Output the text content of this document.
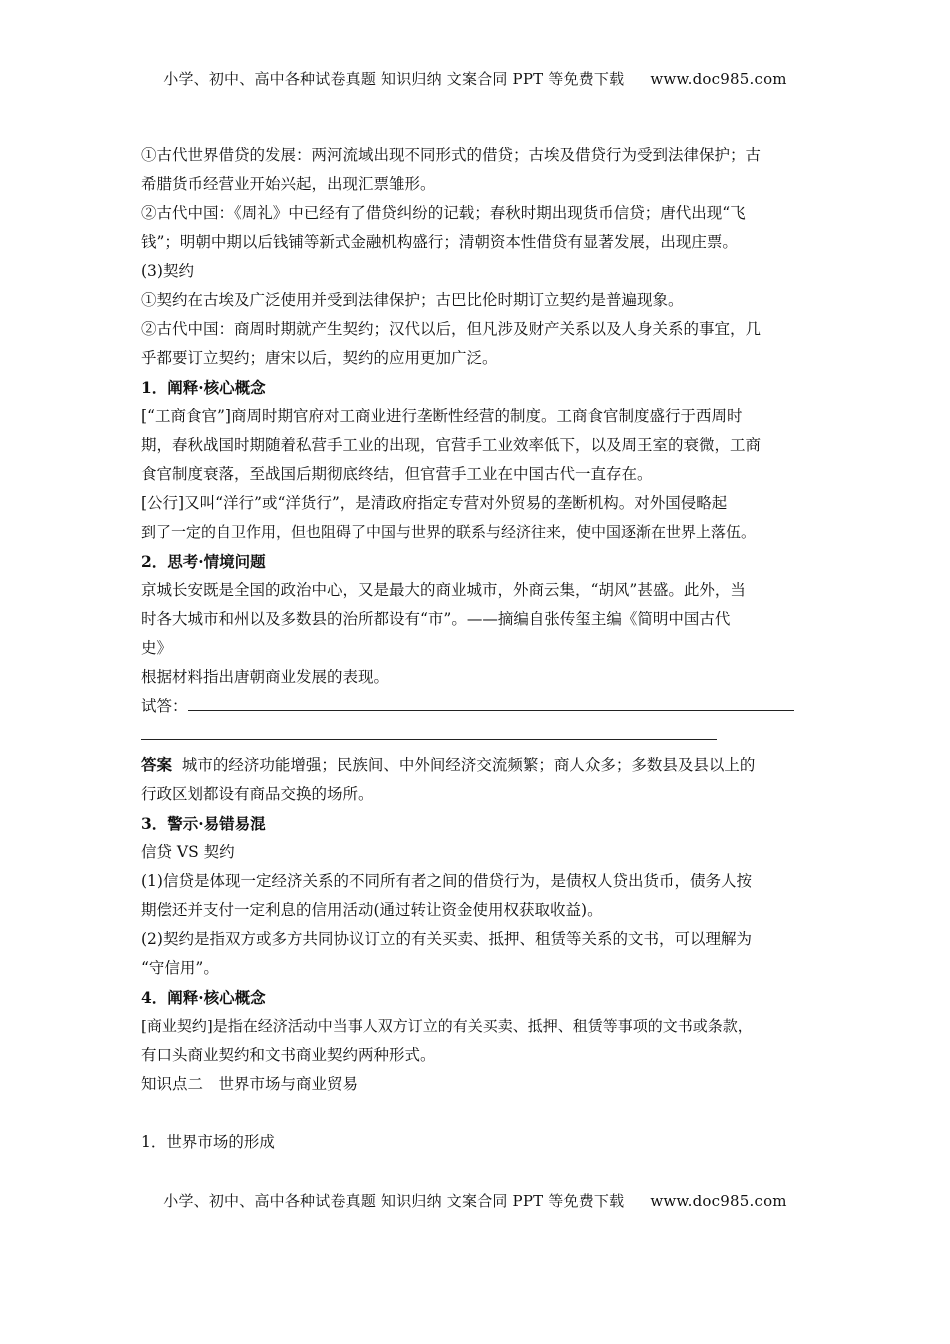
小学、初中、高中各种试卷真题 知识归纳 文案合同 PPT 等免费下载 www.doc985.com
①古代世界借贷的发展：两河流域出现不同形式的借贷；古埃及借贷行为受到法律保护；古
希腊货币经营业开始兴起，出现汇票雏形。
②古代中国：《周礼》中已经有了借贷纠纷的记载；春秋时期出现货币信贷；唐代出现“飞
钱”；明朝中期以后钱铺等新式金融机构盛行；清朝资本性借贷有显著发展，出现庄票。
(3)契约
①契约在古埃及广泛使用并受到法律保护；古巴比伦时期订立契约是普遍现象。
②古代中国：商周时期就产生契约；汉代以后，但凡涉及财产关系以及人身关系的事宜，几
乎都要订立契约；唐宋以后，契约的应用更加广泛。
1．阐释·核心概念
[“工商食官”]商周时期官府对工商业进行垄断性经营的制度。工商食官制度盛行于西周时
期，春秋战国时期随着私营手工业的出现，官营手工业效率低下，以及周王室的衰微，工商
食官制度衰落，至战国后期彻底终结，但官营手工业在中国古代一直存在。
[公行]又叫“洋行”或“洋货行”，是清政府指定专营对外贸易的垄断机构。对外国侵略起
到了一定的自卫作用，但也阻碍了中国与世界的联系与经济往来，使中国逐渐在世界上落伍。
2．思考·情境问题
京城长安既是全国的政治中心，又是最大的商业城市，外商云集，“胡风”甚盛。此外，当
时各大城市和州以及多数县的治所都设有“市”。——摘编自张传玺主编《简明中国古代
史》
根据材料指出唐朝商业发展的表现。
试答：
答案 城市的经济功能增强；民族间、中外间经济交流频繁；商人众多；多数县及县以上的
行政区划都设有商品交换的场所。
3．警示·易错易混
信贷 VS 契约
(1)信贷是体现一定经济关系的不同所有者之间的借贷行为，是债权人贷出货币，债务人按
期偿还并支付一定利息的信用活动(通过转让资金使用权获取收益)。
(2)契约是指双方或多方共同协议订立的有关买卖、抵押、租赁等关系的文书，可以理解为
“守信用”。
4．阐释·核心概念
[商业契约]是指在经济活动中当事人双方订立的有关买卖、抵押、租赁等事项的文书或条款，
有口头商业契约和文书商业契约两种形式。
知识点二　世界市场与商业贸易
1．世界市场的形成
小学、初中、高中各种试卷真题 知识归纳 文案合同 PPT 等免费下载 www.doc985.com
